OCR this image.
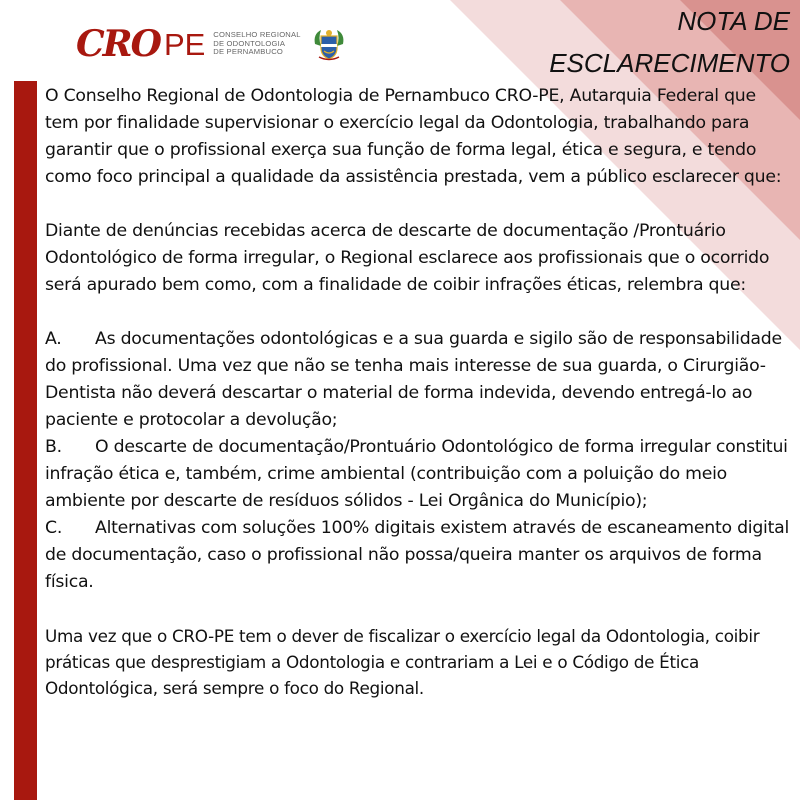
CRO PE CONSELHO REGIONAL
DE ODONTOLOGIA
DE PERNAMBUCO
NOTA DE
ESCLARECIMENTO

O Conselho Regional de Odontologia de Pernambuco CRO-PE, Autarquia Federal que tem por finalidade supervisionar o exercício legal da Odontologia, trabalhando para garantir que o profissional exerça sua função de forma legal, ética e segura, e tendo como foco principal a qualidade da assistência prestada, vem a público esclarecer que:

Diante de denúncias recebidas acerca de descarte de documentação /Prontuário Odontológico de forma irregular, o Regional esclarece aos profissionais que o ocorrido será apurado bem como, com a finalidade de coibir infrações éticas, relembra que:

A. As documentações odontológicas e a sua guarda e sigilo são de responsabilidade do profissional. Uma vez que não se tenha mais interesse de sua guarda, o Cirurgião-Dentista não deverá descartar o material de forma indevida, devendo entregá-lo ao paciente e protocolar a devolução;
B. O descarte de documentação/Prontuário Odontológico de forma irregular constitui infração ética e, também, crime ambiental (contribuição com a poluição do meio ambiente por descarte de resíduos sólidos - Lei Orgânica do Município);
C. Alternativas com soluções 100% digitais existem através de escaneamento digital de documentação, caso o profissional não possa/queira manter os arquivos de forma física.

Uma vez que o CRO-PE tem o dever de fiscalizar o exercício legal da Odontologia, coibir práticas que desprestigiam a Odontologia e contrariam a Lei e o Código de Ética Odontológica, será sempre o foco do Regional.
